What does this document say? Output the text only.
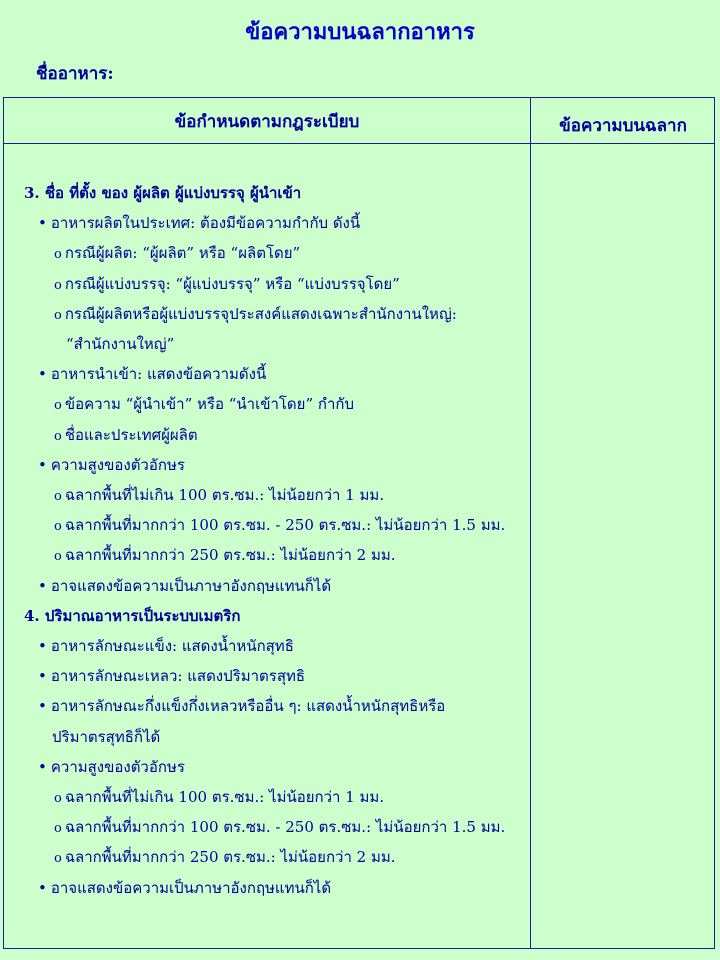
ข้อความบนฉลากอาหาร
ชื่ออาหาร:
ข้อกำหนดตามกฎระเบียบ	ข้อความบนฉลาก
3. ชื่อ ที่ตั้ง ของ ผู้ผลิต ผู้แบ่งบรรจุ ผู้นำเข้า
• อาหารผลิตในประเทศ: ต้องมีข้อความกำกับ ดังนี้
o กรณีผู้ผลิต: “ผู้ผลิต” หรือ “ผลิตโดย”
o กรณีผู้แบ่งบรรจุ: “ผู้แบ่งบรรจุ” หรือ “แบ่งบรรจุโดย”
o กรณีผู้ผลิตหรือผู้แบ่งบรรจุประสงค์แสดงเฉพาะสำนักงานใหญ่:
“สำนักงานใหญ่”
• อาหารนำเข้า: แสดงข้อความดังนี้
o ข้อความ “ผู้นำเข้า” หรือ “นำเข้าโดย” กำกับ
o ชื่อและประเทศผู้ผลิต
• ความสูงของตัวอักษร
o ฉลากพื้นที่ไม่เกิน 100 ตร.ซม.: ไม่น้อยกว่า 1 มม.
o ฉลากพื้นที่มากกว่า 100 ตร.ซม. - 250 ตร.ซม.: ไม่น้อยกว่า 1.5 มม.
o ฉลากพื้นที่มากกว่า 250 ตร.ซม.: ไม่น้อยกว่า 2 มม.
• อาจแสดงข้อความเป็นภาษาอังกฤษแทนก็ได้
4. ปริมาณอาหารเป็นระบบเมตริก
• อาหารลักษณะแข็ง: แสดงน้ำหนักสุทธิ
• อาหารลักษณะเหลว: แสดงปริมาตรสุทธิ
• อาหารลักษณะกึ่งแข็งกึ่งเหลวหรืออื่น ๆ: แสดงน้ำหนักสุทธิหรือ
ปริมาตรสุทธิก็ได้
• ความสูงของตัวอักษร
o ฉลากพื้นที่ไม่เกิน 100 ตร.ซม.: ไม่น้อยกว่า 1 มม.
o ฉลากพื้นที่มากกว่า 100 ตร.ซม. - 250 ตร.ซม.: ไม่น้อยกว่า 1.5 มม.
o ฉลากพื้นที่มากกว่า 250 ตร.ซม.: ไม่น้อยกว่า 2 มม.
• อาจแสดงข้อความเป็นภาษาอังกฤษแทนก็ได้
